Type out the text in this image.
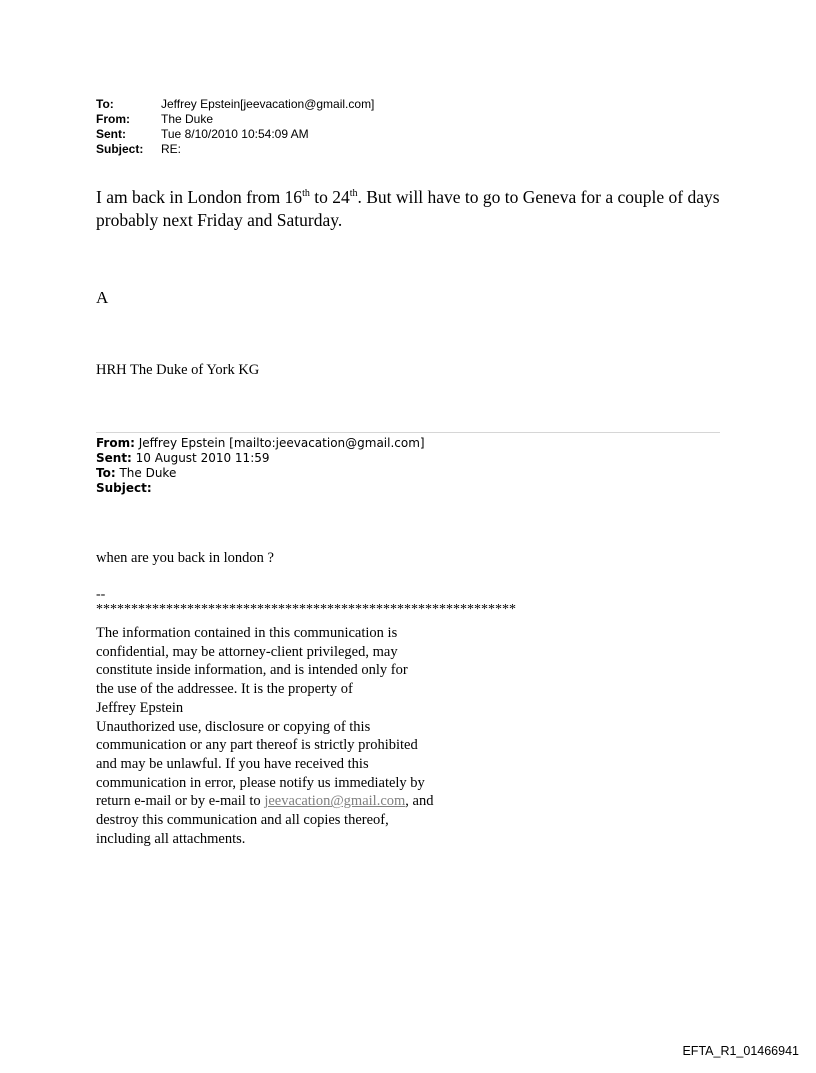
To:	Jeffrey Epstein[jeevacation@gmail.com]
From:	The Duke
Sent:	Tue 8/10/2010 10:54:09 AM
Subject:	RE:
I am back in London from 16th to 24th. But will have to go to Geneva for a couple of days probably next Friday and Saturday.
A
HRH The Duke of York KG
From: Jeffrey Epstein [mailto:jeevacation@gmail.com]
Sent: 10 August 2010 11:59
To: The Duke
Subject:
when are you back in london ?
--
************************************************************
The information contained in this communication is
confidential, may be attorney-client privileged, may
constitute inside information, and is intended only for
the use of the addressee. It is the property of
Jeffrey Epstein
Unauthorized use, disclosure or copying of this
communication or any part thereof is strictly prohibited
and may be unlawful. If you have received this
communication in error, please notify us immediately by
return e-mail or by e-mail to jeevacation@gmail.com, and
destroy this communication and all copies thereof,
including all attachments.
EFTA_R1_01466941
